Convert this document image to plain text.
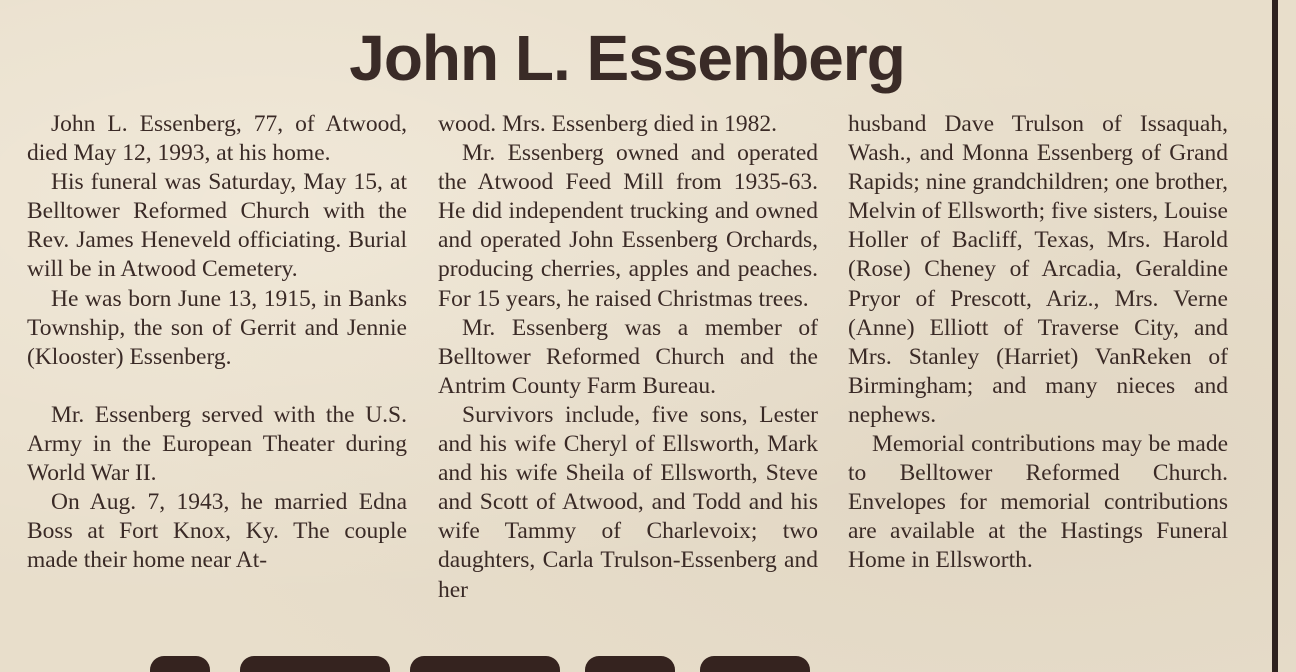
John L. Essenberg

John L. Essenberg, 77, of Atwood, died May 12, 1993, at his home.

His funeral was Saturday, May 15, at Belltower Reformed Church with the Rev. James Heneveld officiating. Burial will be in Atwood Cemetery.

He was born June 13, 1915, in Banks Township, the son of Gerrit and Jennie (Klooster) Essenberg.

Mr. Essenberg served with the U.S. Army in the European Theater during World War II.

On Aug. 7, 1943, he married Edna Boss at Fort Knox, Ky. The couple made their home near At-

wood. Mrs. Essenberg died in 1982.

Mr. Essenberg owned and operated the Atwood Feed Mill from 1935-63. He did independent trucking and owned and operated John Essenberg Orchards, producing cherries, apples and peaches. For 15 years, he raised Christmas trees.

Mr. Essenberg was a member of Belltower Reformed Church and the Antrim County Farm Bureau.

Survivors include, five sons, Lester and his wife Cheryl of Ellsworth, Mark and his wife Sheila of Ellsworth, Steve and Scott of Atwood, and Todd and his wife Tammy of Charlevoix; two daughters, Carla Trulson-Essenberg and her

husband Dave Trulson of Issaquah, Wash., and Monna Essenberg of Grand Rapids; nine grandchildren; one brother, Melvin of Ellsworth; five sisters, Louise Holler of Bacliff, Texas, Mrs. Harold (Rose) Cheney of Arcadia, Geraldine Pryor of Prescott, Ariz., Mrs. Verne (Anne) Elliott of Traverse City, and Mrs. Stanley (Harriet) VanReken of Birmingham; and many nieces and nephews.

Memorial contributions may be made to Belltower Reformed Church. Envelopes for memorial contributions are available at the Hastings Funeral Home in Ellsworth.
